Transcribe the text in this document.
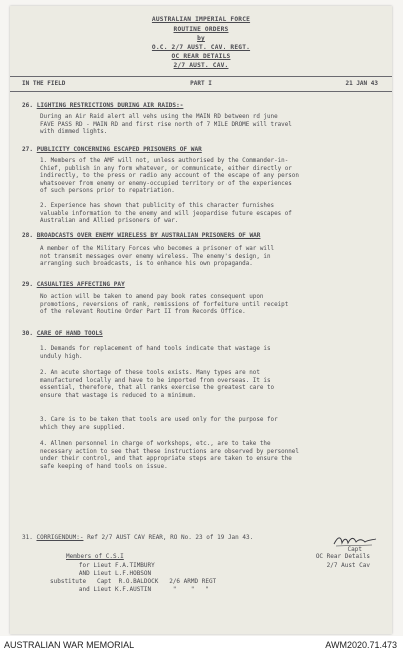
AUSTRALIAN IMPERIAL FORCE
ROUTINE ORDERS
by
O.C. 2/7 AUST. CAV. REGT.
OC REAR DETAILS
2/7 AUST. CAV.
IN THE FIELD	PART I	21 JAN 43
26. LIGHTING RESTRICTIONS DURING AIR RAIDS:-
During an Air Raid alert all vehs using the MAIN RD between rd june
FAVE PASS RD - MAIN RD and first rise north of 7 MILE DROME will travel
with dimmed lights.
27. PUBLICITY CONCERNING ESCAPED PRISONERS OF WAR
1. Members of the AMF will not, unless authorised by the Commander-in-
Chief, publish in any form whatever, or communicate, either directly or
indirectly, to the press or radio any account of the escape of any person
whatsoever from enemy or enemy-occupied territory or of the experiences
of such persons prior to repatriation.
2. Experience has shown that publicity of this character furnishes
valuable information to the enemy and will jeopardise future escapes of
Australian and Allied prisoners of war.
28. BROADCASTS OVER ENEMY WIRELESS BY AUSTRALIAN PRISONERS OF WAR
A member of the Military Forces who becomes a prisoner of war will
not transmit messages over enemy wireless. The enemy's design, in
arranging such broadcasts, is to enhance his own propaganda.
29. CASUALTIES AFFECTING PAY
No action will be taken to amend pay book rates consequent upon
promotions, reversions of rank, remissions of forfeiture until receipt
of the relevant Routine Order Part II from Records Office.
30. CARE OF HAND TOOLS
1. Demands for replacement of hand tools indicate that wastage is
unduly high.
2. An acute shortage of these tools exists. Many types are not
manufactured locally and have to be imported from overseas. It is
essential, therefore, that all ranks exercise the greatest care to
ensure that wastage is reduced to a minimum.
3. Care is to be taken that tools are used only for the purpose for
which they are supplied.
4. Allmen personnel in charge of workshops, etc., are to take the
necessary action to see that these instructions are observed by personnel
under their control, and that appropriate steps are taken to ensure the
safe keeping of hand tools on issue.
31. CORRIGENDUM:- Ref 2/7 AUST CAV REAR, RO No. 23 of 19 Jan 43.
Members of C.S.I
for Lieut F.A.TIMBURY
AND Lieut L.F.HOBSON
substitute   Capt  R.O.BALDOCK   2/6 ARMD REGT
and Lieut K.F.AUSTIN      "    "   "
Capt
OC Rear Details
2/7 Aust Cav
AUSTRALIAN WAR MEMORIAL	AWM2020.71.473
